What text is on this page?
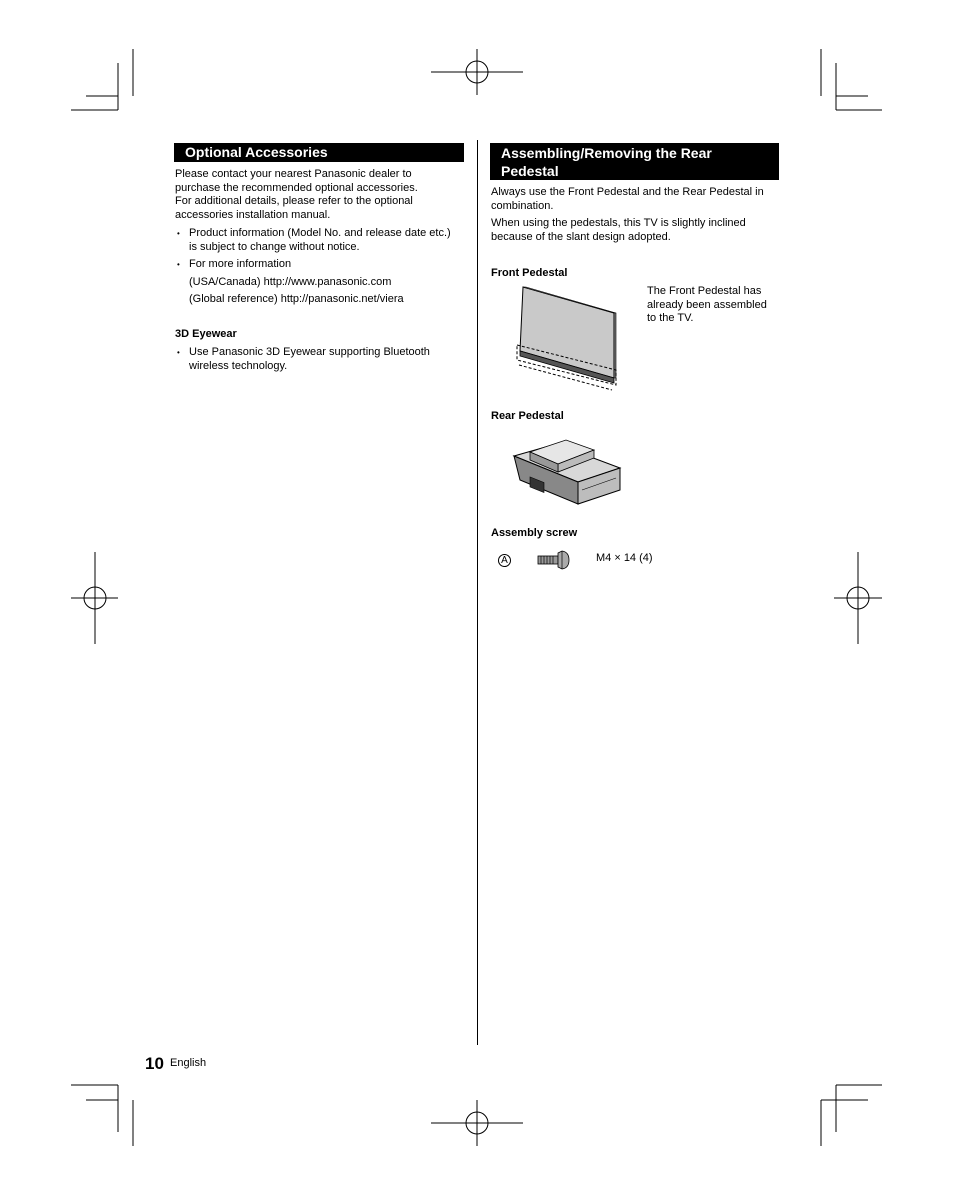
Optional Accessories
Please contact your nearest Panasonic dealer to
purchase the recommended optional accessories.
For additional details, please refer to the optional
accessories installation manual.
• Product information (Model No. and release date etc.)
is subject to change without notice.
• For more information
(USA/Canada) http://www.panasonic.com
(Global reference) http://panasonic.net/viera
3D Eyewear
• Use Panasonic 3D Eyewear supporting Bluetooth
wireless technology.
Assembling/Removing the Rear
Pedestal
Always use the Front Pedestal and the Rear Pedestal in
combination.
When using the pedestals, this TV is slightly inclined
because of the slant design adopted.
Front Pedestal
The Front Pedestal has
already been assembled
to the TV.
Rear Pedestal
Assembly screw
A	M4 × 14 (4)
10 English
